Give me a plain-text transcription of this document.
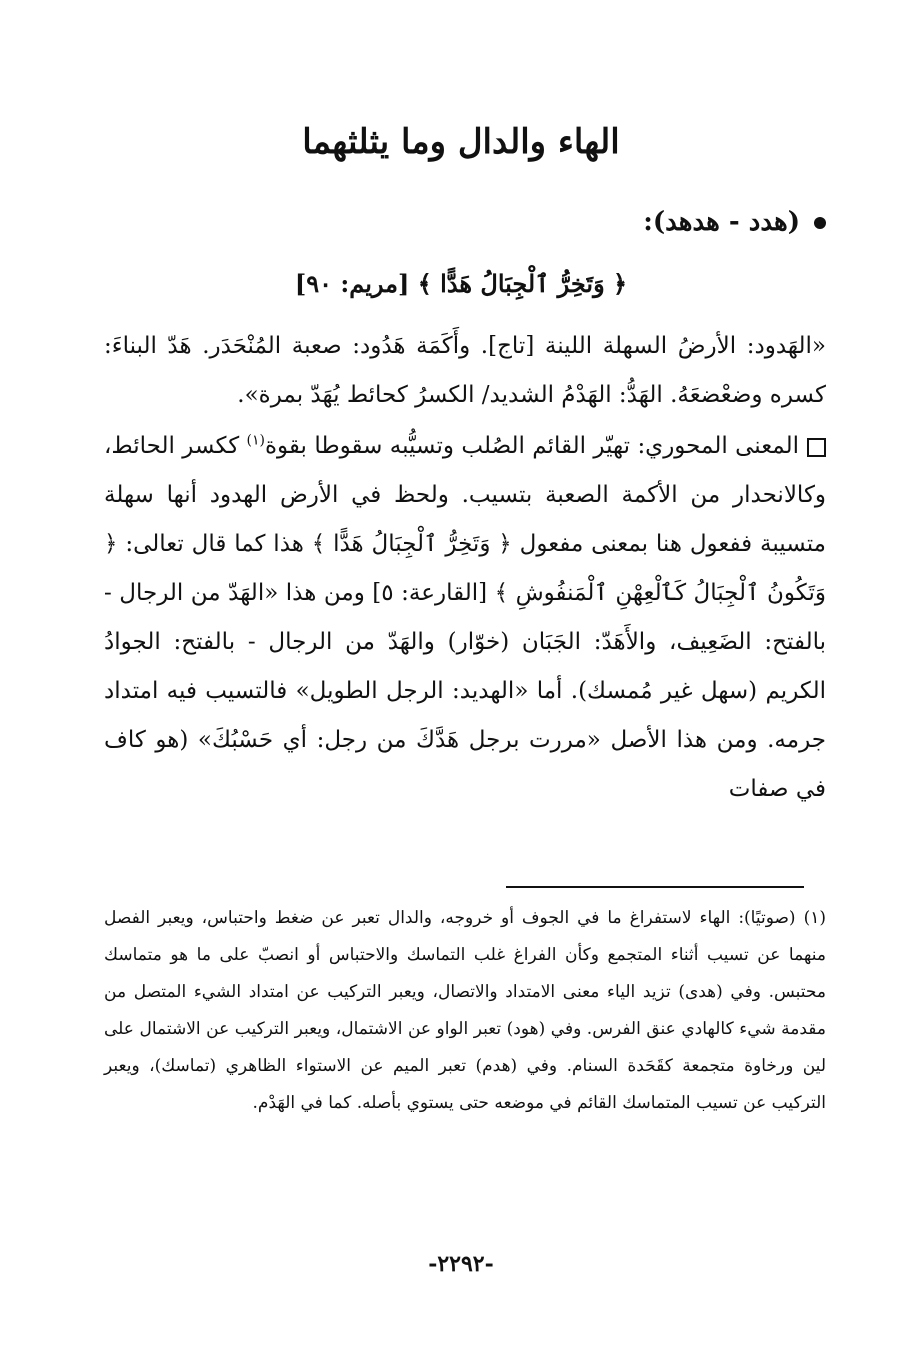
الهاء والدال وما يثلثهما
(هدد - هدهد):
﴿ وَتَخِرُّ ٱلْجِبَالُ هَدًّا ﴾ [مريم: ٩٠]

«الهَدود: الأرضُ السهلة اللينة [تاج]. وأَكَمَة هَدُود: صعبة المُنْحَدَر. هَدّ البناءَ: كسره وضعْضعَهُ. الهَدُّ: الهَدْمُ الشديد/ الكسرُ كحائط يُهَدّ بمرة».

المعنى المحوري: تهيّر القائم الصُلب وتسيُّبه سقوطا بقوة$^{(١)}$ ككسر الحائط، وكالانحدار من الأكمة الصعبة بتسيب. ولحظ في الأرض الهدود أنها سهلة متسيبة ففعول هنا بمعنى مفعول ﴿ وَتَخِرُّ ٱلْجِبَالُ هَدًّا ﴾ هذا كما قال تعالى: ﴿ وَتَكُونُ ٱلْجِبَالُ كَٱلْعِهْنِ ٱلْمَنفُوشِ ﴾ [القارعة: ٥] ومن هذا «الهَدّ من الرجال - بالفتح: الضَعِيف، والأَهَدّ: الجَبَان (خوّار) والهَدّ من الرجال - بالفتح: الجوادُ الكريم (سهل غير مُمسك). أما «الهديد: الرجل الطويل» فالتسيب فيه امتداد جرمه. ومن هذا الأصل «مررت برجل هَدَّكَ من رجل: أي حَسْبُكَ» (هو كاف في صفات

(١)(صوتيًا): الهاء لاستفراغ ما في الجوف أو خروجه، والدال تعبر عن ضغط واحتباس، ويعبر الفصل منهما عن تسيب أثناء المتجمع وكأن الفراغ غلب التماسك والاحتباس أو انصبّ على ما هو متماسك محتبس. وفي (هدى) تزيد الياء معنى الامتداد والاتصال، ويعبر التركيب عن امتداد الشيء المتصل من مقدمة شيء كالهادي عنق الفرس. وفي (هود) تعبر الواو عن الاشتمال، ويعبر التركيب عن الاشتمال على لين ورخاوة متجمعة كقَحَدة السنام. وفي (هدم) تعبر الميم عن الاستواء الظاهري (تماسك)، ويعبر التركيب عن تسيب المتماسك القائم في موضعه حتى يستوي بأصله. كما في الهَدْم.

-٢٢٩٢-
